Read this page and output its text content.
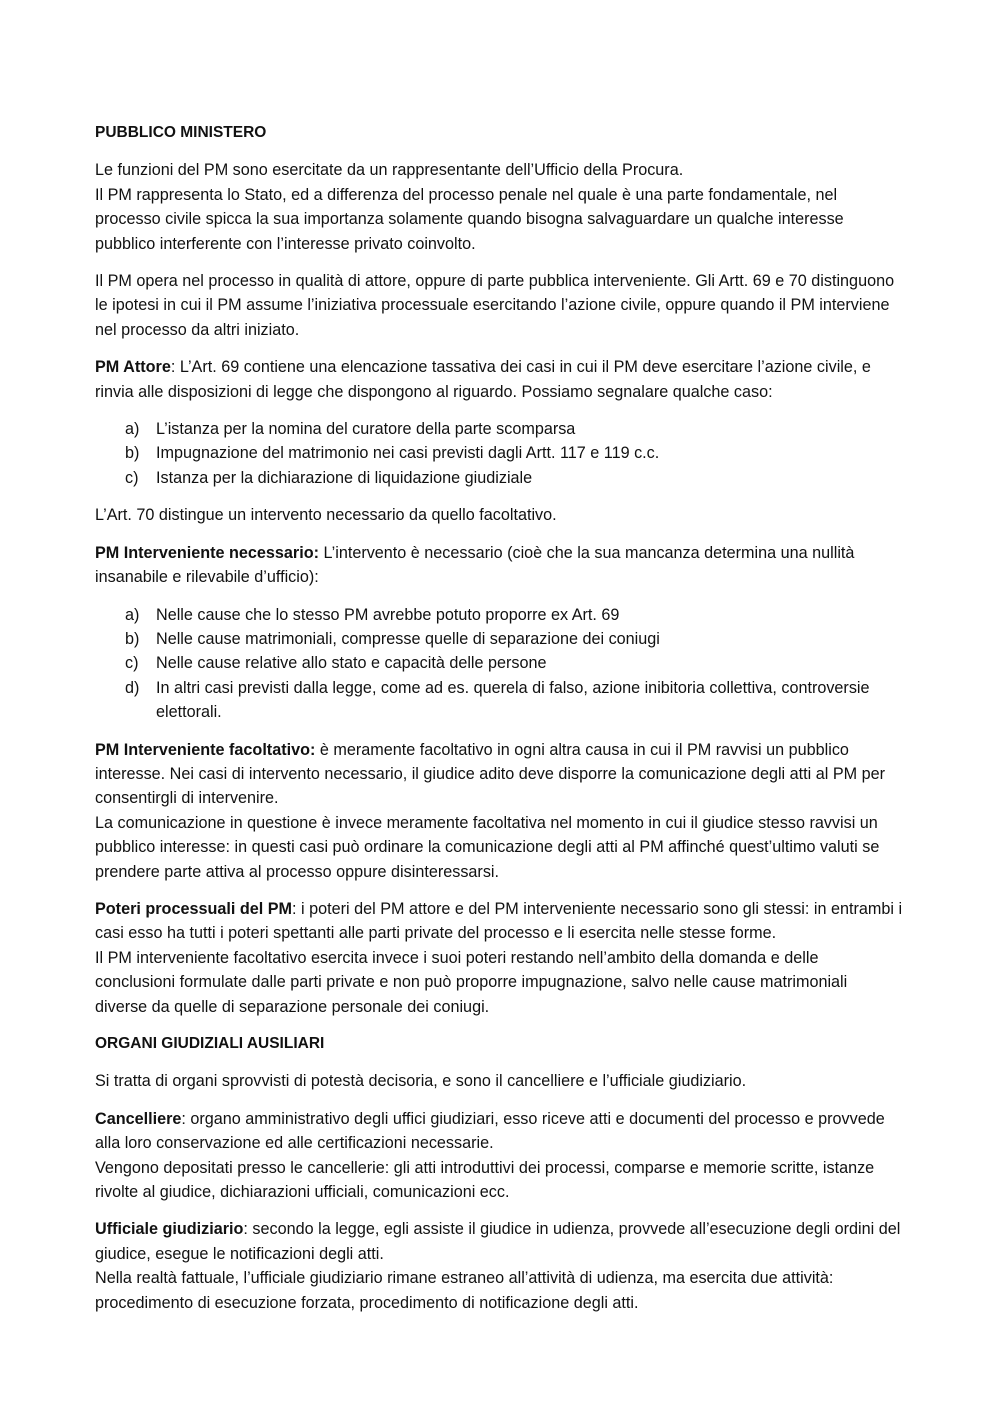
PUBBLICO MINISTERO

Le funzioni del PM sono esercitate da un rappresentante dell’Ufficio della Procura.
Il PM rappresenta lo Stato, ed a differenza del processo penale nel quale è una parte fondamentale, nel processo civile spicca la sua importanza solamente quando bisogna salvaguardare un qualche interesse pubblico interferente con l’interesse privato coinvolto.

Il PM opera nel processo in qualità di attore, oppure di parte pubblica interveniente. Gli Artt. 69 e 70 distinguono le ipotesi in cui il PM assume l’iniziativa processuale esercitando l’azione civile, oppure quando il PM interviene nel processo da altri iniziato.

PM Attore: L’Art. 69 contiene una elencazione tassativa dei casi in cui il PM deve esercitare l’azione civile, e rinvia alle disposizioni di legge che dispongono al riguardo. Possiamo segnalare qualche caso:

a) L’istanza per la nomina del curatore della parte scomparsa
b) Impugnazione del matrimonio nei casi previsti dagli Artt. 117 e 119 c.c.
c) Istanza per la dichiarazione di liquidazione giudiziale

L’Art. 70 distingue un intervento necessario da quello facoltativo.

PM Interveniente necessario: L’intervento è necessario (cioè che la sua mancanza determina una nullità insanabile e rilevabile d’ufficio):

a) Nelle cause che lo stesso PM avrebbe potuto proporre ex Art. 69
b) Nelle cause matrimoniali, compresse quelle di separazione dei coniugi
c) Nelle cause relative allo stato e capacità delle persone
d) In altri casi previsti dalla legge, come ad es. querela di falso, azione inibitoria collettiva, controversie elettorali.

PM Interveniente facoltativo: è meramente facoltativo in ogni altra causa in cui il PM ravvisi un pubblico interesse. Nei casi di intervento necessario, il giudice adito deve disporre la comunicazione degli atti al PM per consentirgli di intervenire.
La comunicazione in questione è invece meramente facoltativa nel momento in cui il giudice stesso ravvisi un pubblico interesse: in questi casi può ordinare la comunicazione degli atti al PM affinché quest’ultimo valuti se prendere parte attiva al processo oppure disinteressarsi.

Poteri processuali del PM: i poteri del PM attore e del PM interveniente necessario sono gli stessi: in entrambi i casi esso ha tutti i poteri spettanti alle parti private del processo e li esercita nelle stesse forme.
Il PM interveniente facoltativo esercita invece i suoi poteri restando nell’ambito della domanda e delle conclusioni formulate dalle parti private e non può proporre impugnazione, salvo nelle cause matrimoniali diverse da quelle di separazione personale dei coniugi.

ORGANI GIUDIZIALI AUSILIARI

Si tratta di organi sprovvisti di potestà decisoria, e sono il cancelliere e l’ufficiale giudiziario.

Cancelliere: organo amministrativo degli uffici giudiziari, esso riceve atti e documenti del processo e provvede alla loro conservazione ed alle certificazioni necessarie.
Vengono depositati presso le cancellerie: gli atti introduttivi dei processi, comparse e memorie scritte, istanze rivolte al giudice, dichiarazioni ufficiali, comunicazioni ecc.

Ufficiale giudiziario: secondo la legge, egli assiste il giudice in udienza, provvede all’esecuzione degli ordini del giudice, esegue le notificazioni degli atti.
Nella realtà fattuale, l’ufficiale giudiziario rimane estraneo all’attività di udienza, ma esercita due attività: procedimento di esecuzione forzata, procedimento di notificazione degli atti.
